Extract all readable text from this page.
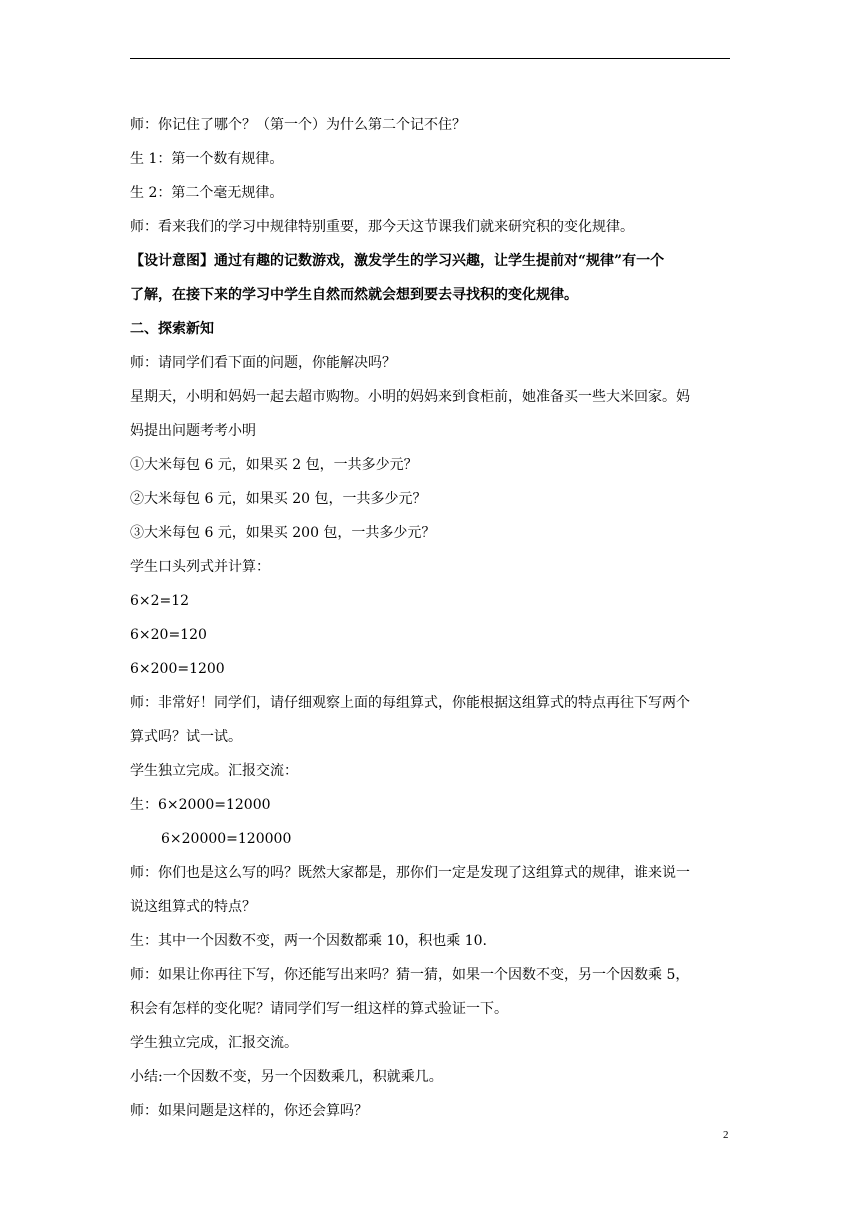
师：你记住了哪个？（第一个）为什么第二个记不住？
生 1：第一个数有规律。
生 2：第二个毫无规律。
师：看来我们的学习中规律特别重要，那今天这节课我们就来研究积的变化规律。
【设计意图】通过有趣的记数游戏，激发学生的学习兴趣，让学生提前对“规律”有一个
了解，在接下来的学习中学生自然而然就会想到要去寻找积的变化规律。
二、探索新知
师：请同学们看下面的问题，你能解决吗？
星期天，小明和妈妈一起去超市购物。小明的妈妈来到食柜前，她准备买一些大米回家。妈
妈提出问题考考小明
①大米每包 6 元，如果买 2 包，一共多少元？
②大米每包 6 元，如果买 20 包，一共多少元？
③大米每包 6 元，如果买 200 包，一共多少元？
学生口头列式并计算：
6×2=12
6×20=120
6×200=1200
师：非常好！同学们，请仔细观察上面的每组算式，你能根据这组算式的特点再往下写两个
算式吗？试一试。
学生独立完成。汇报交流：
生：6×2000=12000
6×20000=120000
师：你们也是这么写的吗？既然大家都是，那你们一定是发现了这组算式的规律，谁来说一
说这组算式的特点？
生：其中一个因数不变，两一个因数都乘 10，积也乘 10.
师：如果让你再往下写，你还能写出来吗？猜一猜，如果一个因数不变，另一个因数乘 5，
积会有怎样的变化呢？请同学们写一组这样的算式验证一下。
学生独立完成，汇报交流。
小结:一个因数不变，另一个因数乘几，积就乘几。
师：如果问题是这样的，你还会算吗？
2
